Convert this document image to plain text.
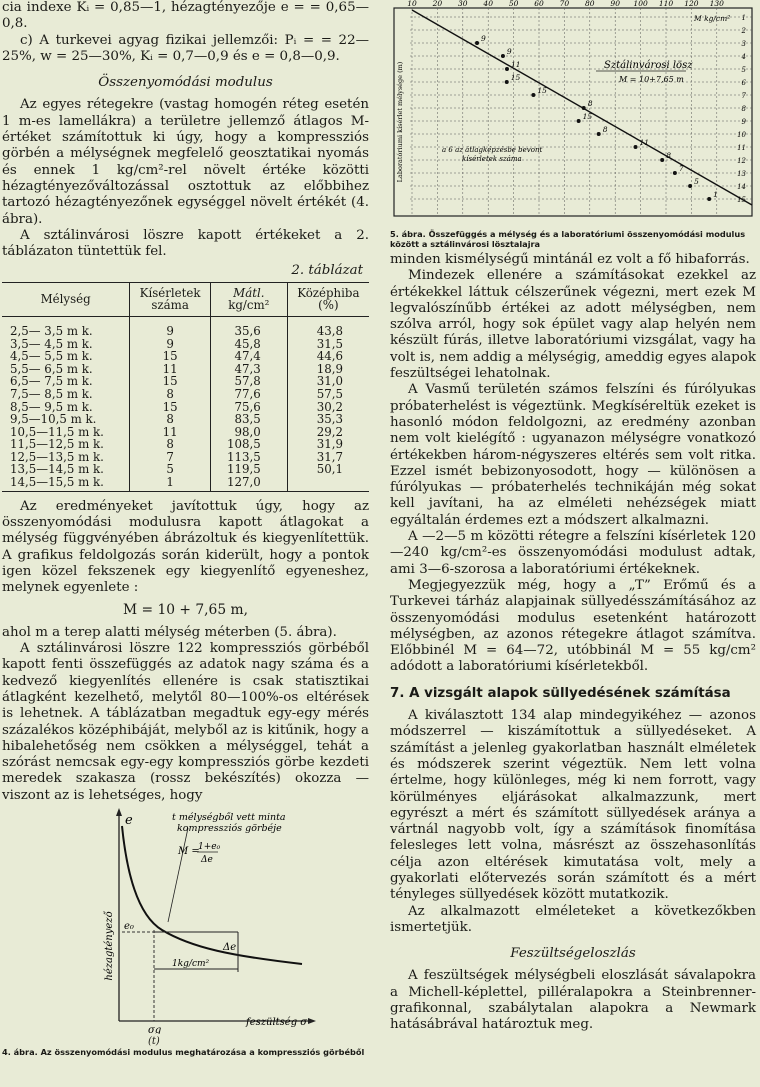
cia indexe Kᵢ = 0,85—1, hézagtényezője e = = 0,65—0,8.

c) A turkevei agyag fizikai jellemzői: Pᵢ = = 22—25%, w = 25—30%, Kᵢ = 0,7—0,9 és e = 0,8—0,9.

Összenyomódási modulus

Az egyes rétegekre (vastag homogén réteg esetén 1 m-es lamellákra) a területre jellemző átlagos M-értéket számítottuk ki úgy, hogy a kompressziós görbén a mélységnek megfelelő geosztatikai nyomás és ennek 1 kg/cm²-rel növelt értéke közötti hézagtényezőváltozással osztottuk az előbbihez tartozó hézagtényezőnek egységgel növelt értékét (4. ábra).

A sztálinvárosi löszre kapott értékeket a 2. táblázaton tüntettük fel.

2. táblázat
Mélység	Kísérletek
száma	Mátl.
kg/cm²	Középhiba
(%)
2,5— 3,5 m k.	9	35,6	43,8
3,5— 4,5 m k.	9	45,8	31,5
4,5— 5,5 m k.	15	47,4	44,6
5,5— 6,5 m k.	11	47,3	18,9
6,5— 7,5 m k.	15	57,8	31,0
7,5— 8,5 m k.	8	77,6	57,5
8,5— 9,5 m k.	15	75,6	30,2
9,5—10,5 m k.	8	83,5	35,3
10,5—11,5 m k.	11	98,0	29,2
11,5—12,5 m k.	8	108,5	31,9
12,5—13,5 m k.	7	113,5	31,7
13,5—14,5 m k.	5	119,5	50,1
14,5—15,5 m k.	1	127,0	

Az eredményeket javítottuk úgy, hogy az összenyomódási modulusra kapott átlagokat a mélység függvényében ábrázoltuk és kiegyenlítettük. A grafikus feldolgozás során kiderült, hogy a pontok igen közel fekszenek egy kiegyenlítő egyeneshez, melynek egyenlete :

M = 10 + 7,65 m,

ahol m a terep alatti mélység méterben (5. ábra).

A sztálinvárosi löszre 122 kompressziós görbéből kapott fenti összefüggés az adatok nagy száma és a kedvező kiegyenlítés ellenére is csak statisztikai átlagként kezelhető, melytől 80—100%-os eltérések is lehetnek. A táblázatban megadtuk egy-egy mérés százalékos középhibáját, melyből az is kitűnik, hogy a hibalehetőség nem csökken a mélységgel, tehát a szórást nemcsak egy-egy kompressziós görbe kezdeti meredek szakasza (rossz bekészítés) okozza — viszont az is lehetséges, hogy

e
hézagtényező
t mélységből vett minta
kompressziós görbéje
M =
1+e₀
Δe
e₀
Δe
1kg/cm²
σg
feszültség σ
(t)
4. ábra. Az összenyomódási modulus meghatározása a kompressziós görbéből
10 20 30 40 50 60 70 80 90 100 110 120 130
1
2
3
4
5
6
7
8
9
10
11
12
13
14
15
9
9
11
15
15
8
15
8
11
8
7
5
1
Laboratóriumi kísérlet mélysége (m)
M kg/cm²
Sztálinvárosi lösz
M = 10+7,65 m
a 6 az átlagképzésbe bevont
kísérletek száma
5. ábra. Összefüggés a mélység és a laboratóriumi összenyomódási modulus között a sztálinvárosi lösztalajra

minden kismélységű mintánál ez volt a fő hibaforrás.

Mindezek ellenére a számításokat ezekkel az értékekkel láttuk célszerűnek végezni, mert ezek M legvalószínűbb értékei az adott mélységben, nem szólva arról, hogy sok épület vagy alap helyén nem készült fúrás, illetve laboratóriumi vizsgálat, vagy ha volt is, nem addig a mélységig, ameddig egyes alapok feszültségei lehatolnak.

A Vasmű területén számos felszíni és fúrólyukas próbaterhelést is végeztünk. Megkíséreltük ezeket is hasonló módon feldolgozni, az eredmény azonban nem volt kielégítő : ugyanazon mélységre vonatkozó értékekben három-négyszeres eltérés sem volt ritka. Ezzel ismét bebizonyosodott, hogy — különösen a fúrólyukas — próbaterhelés technikáján még sokat kell javítani, ha az elméleti nehézségek miatt egyáltalán érdemes ezt a módszert alkalmazni.

A —2—5 m közötti rétegre a felszíni kísérletek 120—240 kg/cm²-es összenyomódási modulust adtak, ami 3—6-szorosa a laboratóriumi értékeknek.

Megjegyezzük még, hogy a „T” Erőmű és a Turkevei tárház alapjainak süllyedésszámításához az összenyomódási modulus esetenként határozott mélységben, az azonos rétegekre átlagot számítva. Előbbinél M = 64—72, utóbbinál M = 55 kg/cm² adódott a laboratóriumi kísérletekből.

7. A vizsgált alapok süllyedésének számítása

A kiválasztott 134 alap mindegyikéhez — azonos módszerrel — kiszámítottuk a süllyedéseket. A számítást a jelenleg gyakorlatban használt elméletek és módszerek szerint végeztük. Nem lett volna értelme, hogy különleges, még ki nem forrott, vagy körülményes eljárásokat alkalmazzunk, mert egyrészt a mért és számított süllyedések aránya a vártnál nagyobb volt, így a számítások finomítása felesleges lett volna, másrészt az összehasonlítás célja azon eltérések kimutatása volt, mely a gyakorlati előtervezés során számított és a mért tényleges süllyedések között mutatkozik.

Az alkalmazott elméleteket a következőkben ismertetjük.

Feszültségeloszlás

A feszültségek mélységbeli eloszlását sávalapokra a Michell-képlettel, pilléralapokra a Steinbrenner-grafikonnal, szabálytalan alapokra a Newmark hatásábrával határoztuk meg.
